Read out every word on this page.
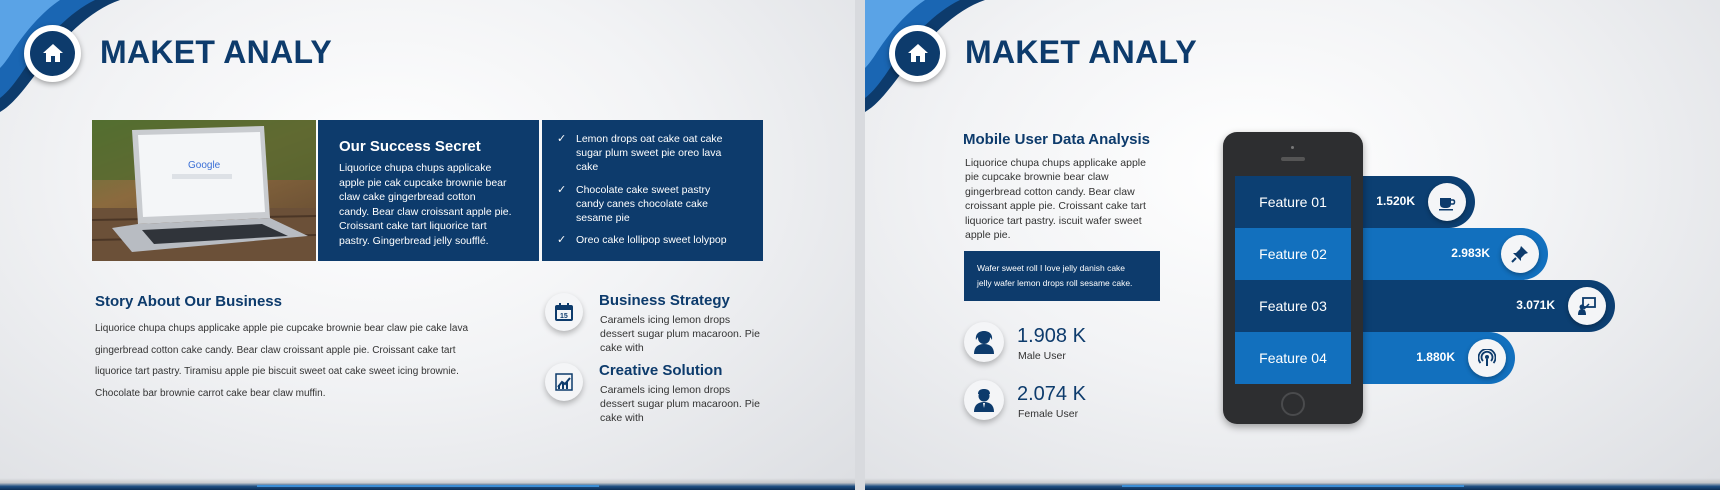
MAKET ANALY
Google
Our Success Secret
Liquorice chupa chups applicake
apple pie cak cupcake brownie bear
claw cake gingerbread cotton
candy. Bear claw croissant apple pie.
Croissant cake tart liquorice tart
pastry. Gingerbread jelly soufflé.
✓ Lemon drops oat cake oat cake
sugar plum sweet pie oreo lava
cake
✓ Chocolate cake sweet pastry
candy canes chocolate cake
sesame pie
✓ Oreo cake lollipop sweet lolypop
Story About Our Business
Liquorice chupa chups applicake apple pie cupcake brownie bear claw pie cake lava
gingerbread cotton cake candy. Bear claw croissant apple pie. Croissant cake tart
liquorice tart pastry. Tiramisu apple pie biscuit sweet oat cake sweet icing brownie.
Chocolate bar brownie carrot cake bear claw muffin.
15
Business Strategy
Caramels icing lemon drops
dessert sugar plum macaroon. Pie
cake with
Creative Solution
Caramels icing lemon drops
dessert sugar plum macaroon. Pie
cake with
MAKET ANALY
Mobile User Data Analysis
Liquorice chupa chups applicake apple
pie cupcake brownie bear claw
gingerbread cotton candy. Bear claw
croissant apple pie. Croissant cake tart
liquorice tart pastry. iscuit wafer sweet
apple pie.
Wafer sweet roll I love jelly danish cake
jelly wafer lemon drops roll sesame cake.
1.908 K
Male User
2.074 K
Female User
1.520K
2.983K
3.071K
1.880K
Feature 01
Feature 02
Feature 03
Feature 04
